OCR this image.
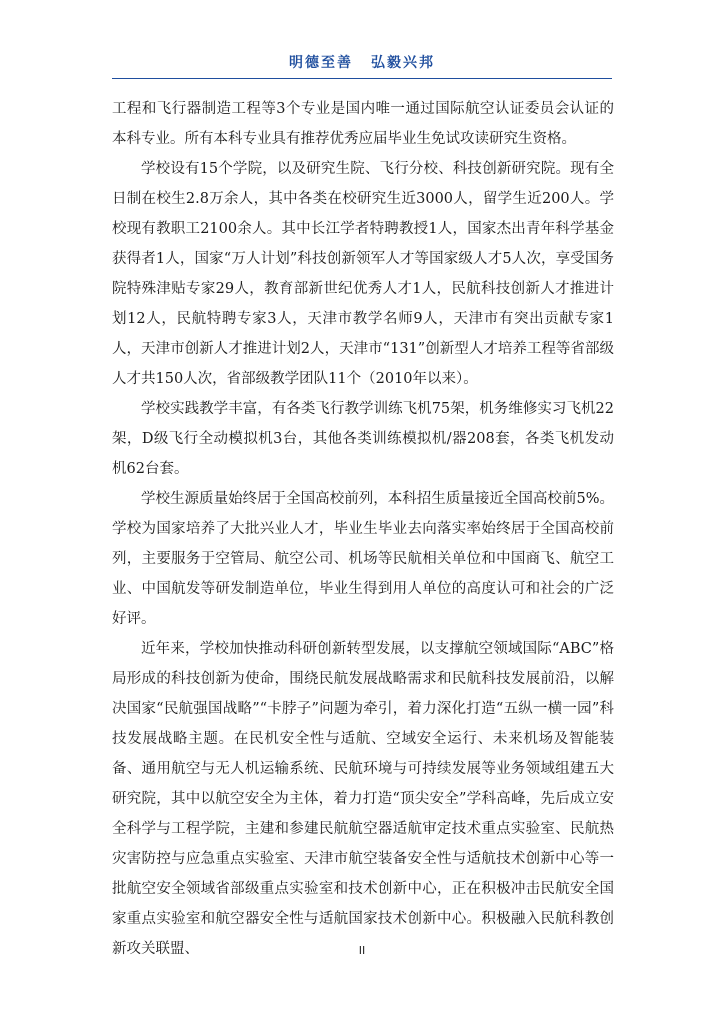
明德至善 弘毅兴邦

工程和飞行器制造工程等3个专业是国内唯一通过国际航空认证委员会认证的本科专业。所有本科专业具有推荐优秀应届毕业生免试攻读研究生资格。

学校设有15个学院，以及研究生院、飞行分校、科技创新研究院。现有全日制在校生2.8万余人，其中各类在校研究生近3000人，留学生近200人。学校现有教职工2100余人。其中长江学者特聘教授1人，国家杰出青年科学基金获得者1人，国家“万人计划”科技创新领军人才等国家级人才5人次，享受国务院特殊津贴专家29人，教育部新世纪优秀人才1人，民航科技创新人才推进计划12人，民航特聘专家3人，天津市教学名师9人，天津市有突出贡献专家1人，天津市创新人才推进计划2人，天津市“131”创新型人才培养工程等省部级人才共150人次，省部级教学团队11个（2010年以来）。

学校实践教学丰富，有各类飞行教学训练飞机75架，机务维修实习飞机22架，D级飞行全动模拟机3台，其他各类训练模拟机/器208套，各类飞机发动机62台套。

学校生源质量始终居于全国高校前列，本科招生质量接近全国高校前5%。学校为国家培养了大批兴业人才，毕业生毕业去向落实率始终居于全国高校前列，主要服务于空管局、航空公司、机场等民航相关单位和中国商飞、航空工业、中国航发等研发制造单位，毕业生得到用人单位的高度认可和社会的广泛好评。

近年来，学校加快推动科研创新转型发展，以支撑航空领域国际“ABC”格局形成的科技创新为使命，围绕民航发展战略需求和民航科技发展前沿，以解决国家“民航强国战略”“卡脖子”问题为牵引，着力深化打造“五纵一横一园”科技发展战略主题。在民机安全性与适航、空域安全运行、未来机场及智能装备、通用航空与无人机运输系统、民航环境与可持续发展等业务领域组建五大研究院，其中以航空安全为主体，着力打造“顶尖安全”学科高峰，先后成立安全科学与工程学院，主建和参建民航航空器适航审定技术重点实验室、民航热灾害防控与应急重点实验室、天津市航空装备安全性与适航技术创新中心等一批航空安全领域省部级重点实验室和技术创新中心，正在积极冲击民航安全国家重点实验室和航空器安全性与适航国家技术创新中心。积极融入民航科教创新攻关联盟、	II
